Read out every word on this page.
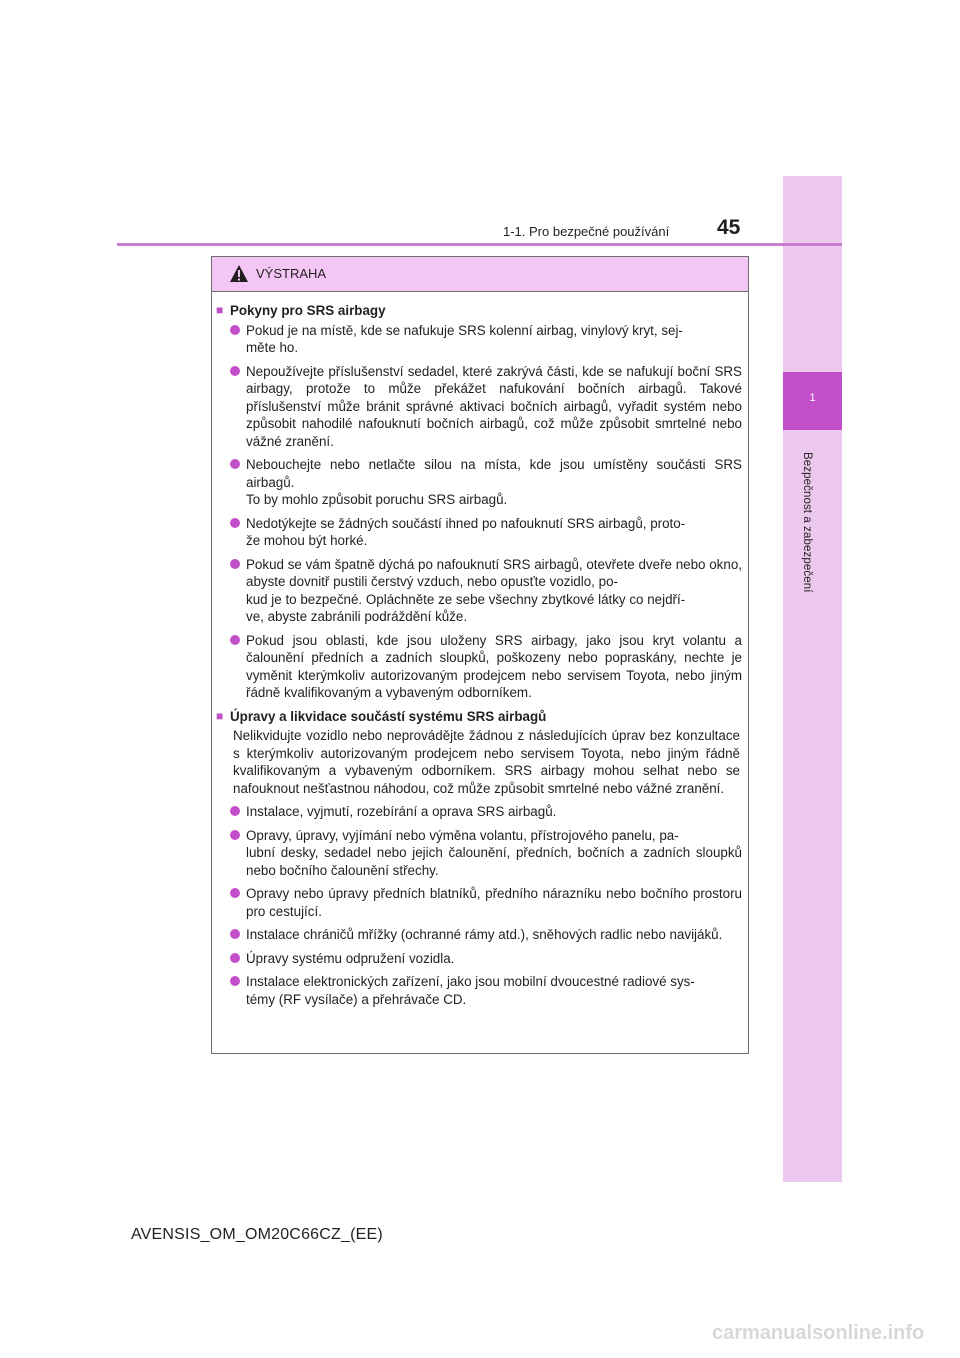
1
Bezpečnost a zabezpečení
1-1. Pro bezpečné používání 45
VÝSTRAHA
■ Pokyny pro SRS airbagy
Pokud je na místě, kde se nafukuje SRS kolenní airbag, vinylový kryt, sej-
měte ho.
Nepoužívejte příslušenství sedadel, které zakrývá části, kde se nafukují boční SRS airbagy, protože to může překážet nafukování bočních airbagů. Takové příslušenství může bránit správné aktivaci bočních airbagů, vyřadit systém nebo způsobit nahodilé nafouknutí bočních airbagů, což může způsobit smrtelné nebo vážné zranění.
Nebouchejte nebo netlačte silou na místa, kde jsou umístěny součásti SRS airbagů.
To by mohlo způsobit poruchu SRS airbagů.
Nedotýkejte se žádných součástí ihned po nafouknutí SRS airbagů, proto-
že mohou být horké.
Pokud se vám špatně dýchá po nafouknutí SRS airbagů, otevřete dveře nebo okno, abyste dovnitř pustili čerstvý vzduch, nebo opusťte vozidlo, po-
kud je to bezpečné. Opláchněte ze sebe všechny zbytkové látky co nejdří-
ve, abyste zabránili podráždění kůže.
Pokud jsou oblasti, kde jsou uloženy SRS airbagy, jako jsou kryt volantu a čalounění předních a zadních sloupků, poškozeny nebo popraskány, nechte je vyměnit kterýmkoliv autorizovaným prodejcem nebo servisem Toyota, nebo jiným řádně kvalifikovaným a vybaveným odborníkem.
■ Úpravy a likvidace součástí systému SRS airbagů
Nelikvidujte vozidlo nebo neprovádějte žádnou z následujících úprav bez konzultace s kterýmkoliv autorizovaným prodejcem nebo servisem Toyota, nebo jiným řádně kvalifikovaným a vybaveným odborníkem. SRS airbagy mohou selhat nebo se nafouknout nešťastnou náhodou, což může způsobit smrtelné nebo vážné zranění.
Instalace, vyjmutí, rozebírání a oprava SRS airbagů.
Opravy, úpravy, vyjímání nebo výměna volantu, přístrojového panelu, pa-
lubní desky, sedadel nebo jejich čalounění, předních, bočních a zadních sloupků nebo bočního čalounění střechy.
Opravy nebo úpravy předních blatníků, předního nárazníku nebo bočního prostoru pro cestující.
Instalace chráničů mřížky (ochranné rámy atd.), sněhových radlic nebo navijáků.
Úpravy systému odpružení vozidla.
Instalace elektronických zařízení, jako jsou mobilní dvoucestné radiové sys-
témy (RF vysílače) a přehrávače CD.
AVENSIS_OM_OM20C66CZ_(EE)
carmanualsonline.info
